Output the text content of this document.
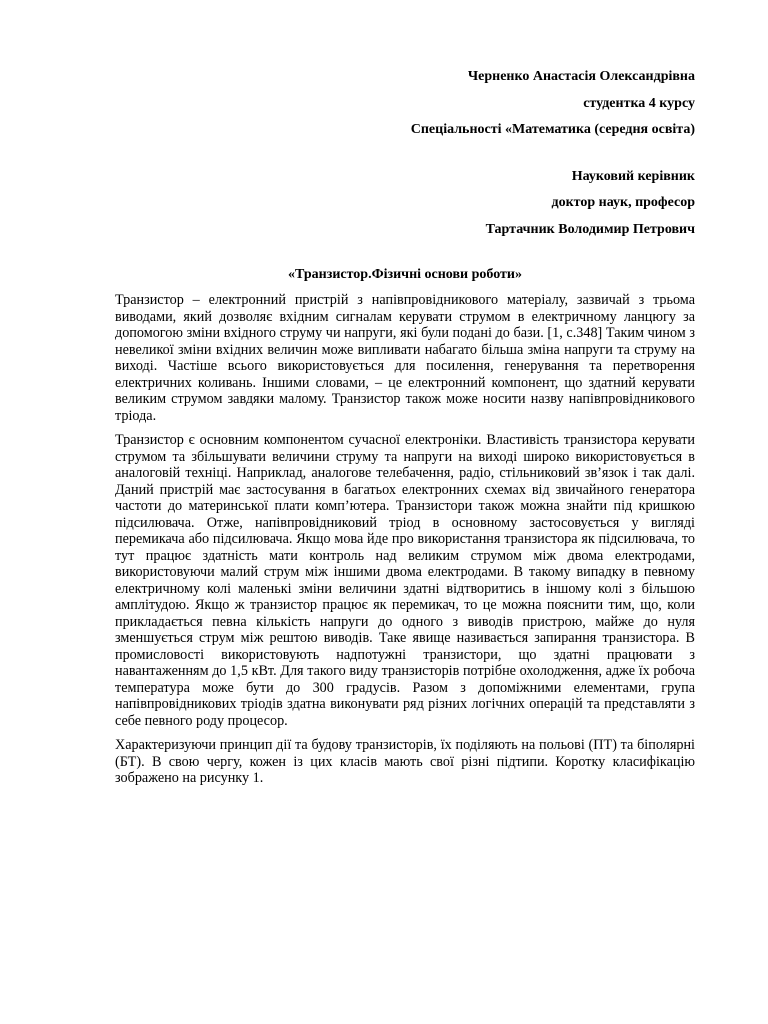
Черненко Анастасія Олександрівна
студентка 4 курсу
Спеціальності «Математика (середня освіта)
Науковий керівник
доктор наук, професор
Тартачник Володимир Петрович
«Транзистор.Фізичні основи роботи»

Транзистор – електронний пристрій з напівпровідникового матеріалу, зазвичай з трьома виводами, який дозволяє вхідним сигналам керувати струмом в електричному ланцюгу за допомогою зміни вхідного струму чи напруги, які були подані до бази. [1, с.348] Таким чином з невеликої зміни вхідних величин може випливати набагато більша зміна напруги та струму на виході. Частіше всього використовується для посилення, генерування та перетворення електричних коливань. Іншими словами, – це електронний компонент, що здатний керувати великим струмом завдяки малому. Транзистор також може носити назву напівпровідникового тріода.

Транзистор є основним компонентом сучасної електроніки. Властивість транзистора керувати струмом та збільшувати величини струму та напруги на виході широко використовується в аналоговій техніці. Наприклад, аналогове телебачення, радіо, стільниковий зв’язок і так далі. Даний пристрій має застосування в багатьох електронних схемах від звичайного генератора частоти до материнської плати комп’ютера. Транзистори також можна знайти під кришкою підсилювача. Отже, напівпровідниковий тріод в основному застосовується у вигляді перемикача або підсилювача. Якщо мова йде про використання транзистора як підсилювача, то тут працює здатність мати контроль над великим струмом між двома електродами, використовуючи малий струм між іншими двома електродами. В такому випадку в певному електричному колі маленькі зміни величини здатні відтворитись в іншому колі з більшою амплітудою. Якщо ж транзистор працює як перемикач, то це можна пояснити тим, що, коли прикладається певна кількість напруги до одного з виводів пристрою, майже до нуля зменшується струм між рештою виводів. Таке явище називається запирання транзистора. В промисловості використовують надпотужні транзистори, що здатні працювати з навантаженням до 1,5 кВт. Для такого виду транзисторів потрібне охолодження, адже їх робоча температура може бути до 300 градусів. Разом з допоміжними елементами, група напівпровідникових тріодів здатна виконувати ряд різних логічних операцій та представляти з себе певного роду процесор.

Характеризуючи принцип дії та будову транзисторів, їх поділяють на польові (ПТ) та біполярні (БТ). В свою чергу, кожен із цих класів мають свої різні підтипи. Коротку класифікацію зображено на рисунку 1.
